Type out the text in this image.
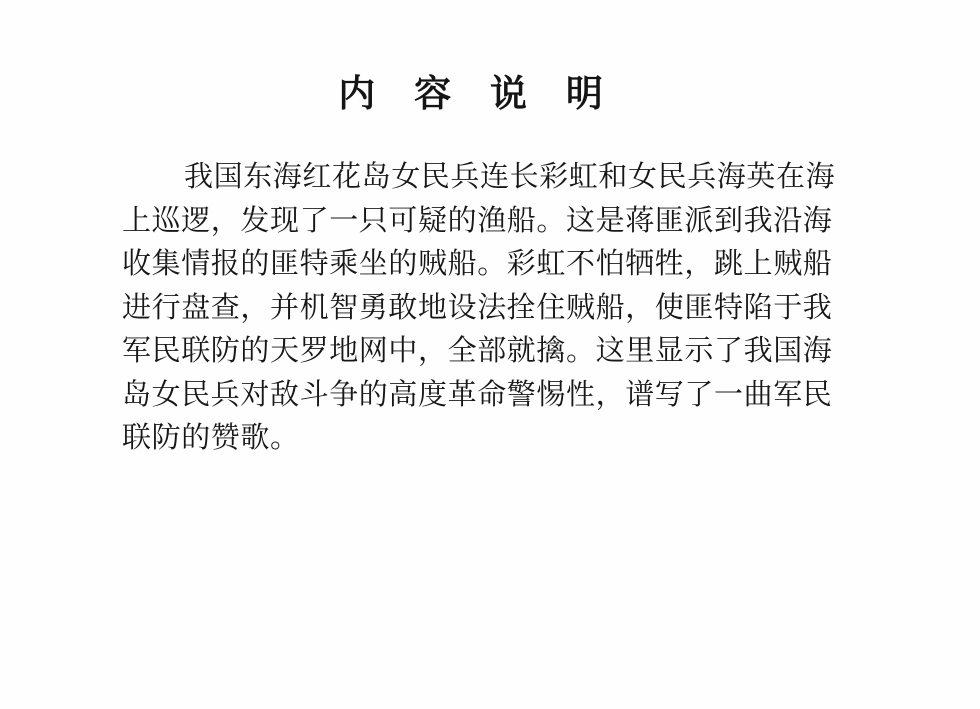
内容说明
我国东海红花岛女民兵连长彩虹和女民兵海英在海
上巡逻，发现了一只可疑的渔船。这是蒋匪派到我沿海
收集情报的匪特乘坐的贼船。彩虹不怕牺牲，跳上贼船
进行盘查，并机智勇敢地设法拴住贼船，使匪特陷于我
军民联防的天罗地网中，全部就擒。这里显示了我国海
岛女民兵对敌斗争的高度革命警惕性，谱写了一曲军民
联防的赞歌。
